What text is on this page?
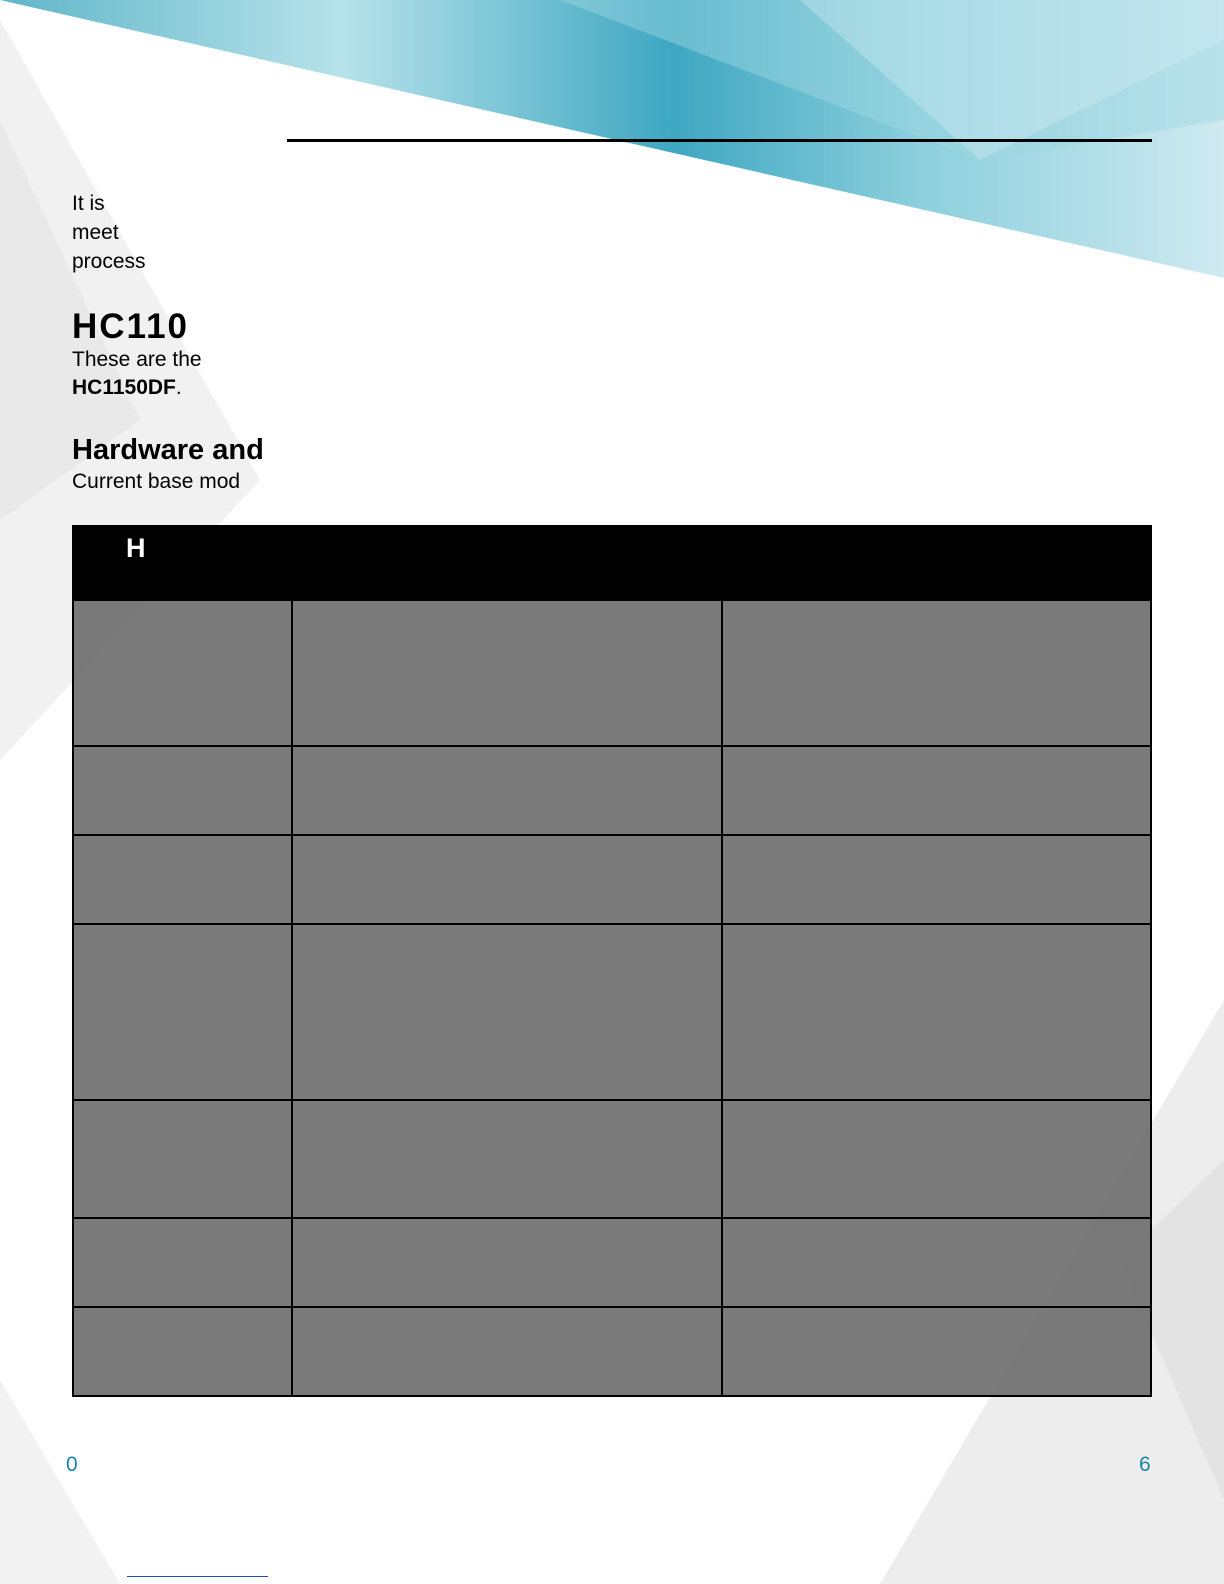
It is
meet
process
HC110
These are the
HC1150DF.
Hardware and
Current base mod
H

0	6
